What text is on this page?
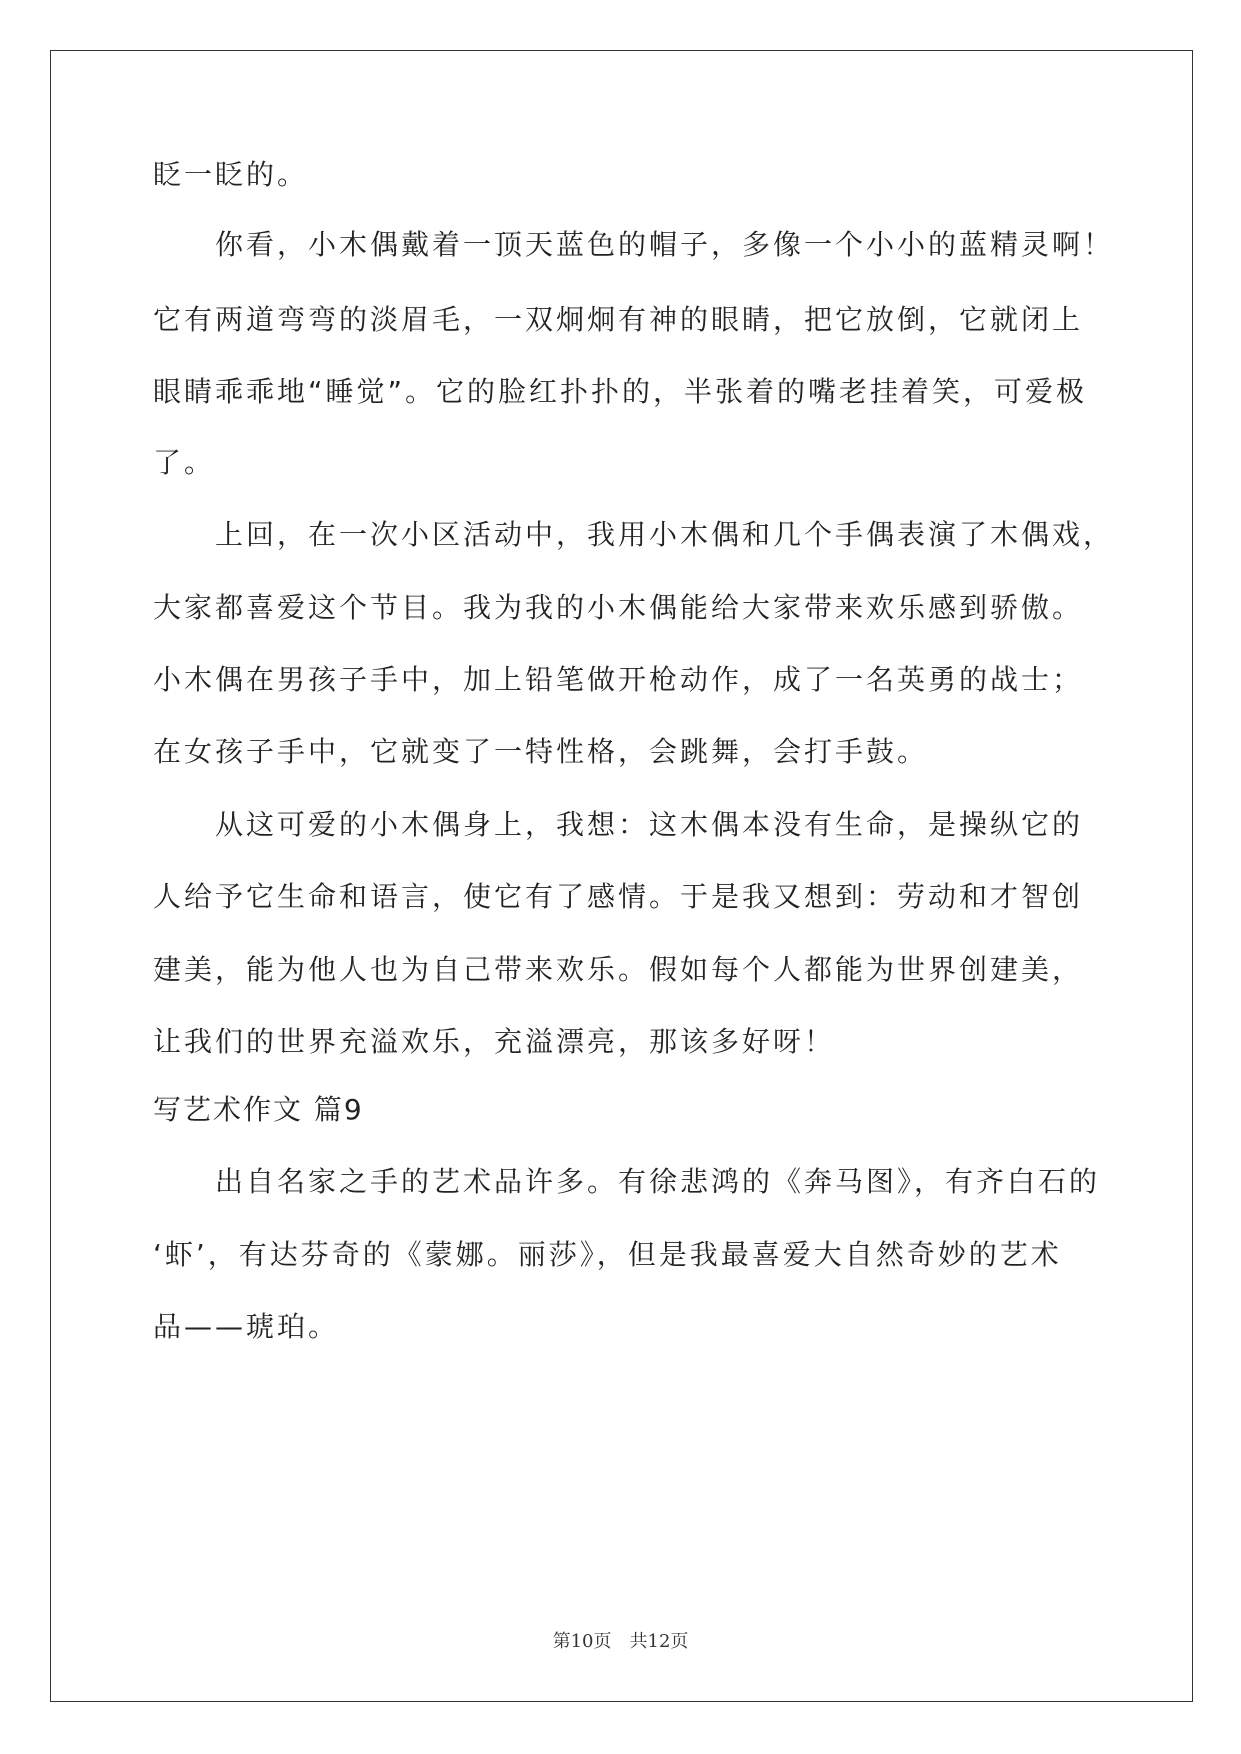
眨一眨的。
　　你看，小木偶戴着一顶天蓝色的帽子，多像一个小小的蓝精灵啊！
它有两道弯弯的淡眉毛，一双炯炯有神的眼睛，把它放倒，它就闭上
眼睛乖乖地“睡觉”。它的脸红扑扑的，半张着的嘴老挂着笑，可爱极
了。
　　上回，在一次小区活动中，我用小木偶和几个手偶表演了木偶戏，
大家都喜爱这个节目。我为我的小木偶能给大家带来欢乐感到骄傲。
小木偶在男孩子手中，加上铅笔做开枪动作，成了一名英勇的战士；
在女孩子手中，它就变了一特性格，会跳舞，会打手鼓。
　　从这可爱的小木偶身上，我想：这木偶本没有生命，是操纵它的
人给予它生命和语言，使它有了感情。于是我又想到：劳动和才智创
建美，能为他人也为自己带来欢乐。假如每个人都能为世界创建美，
让我们的世界充溢欢乐，充溢漂亮，那该多好呀！
写艺术作文 篇9
　　出自名家之手的艺术品许多。有徐悲鸿的《奔马图》，有齐白石的
‘虾’，有达芬奇的《蒙娜。丽莎》，但是我最喜爱大自然奇妙的艺术
品——琥珀。
第10页　共12页
